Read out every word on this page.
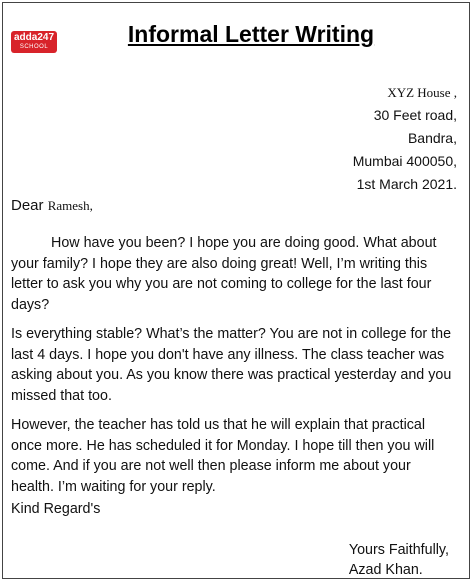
adda247
SCHOOL	Informal Letter Writing
XYZ House ,
30 Feet road,
Bandra,
Mumbai 400050,
1st March 2021.
Dear Ramesh,

How have you been? I hope you are doing good. What about your family? I hope they are also doing great! Well, I’m writing this letter to ask you why you are not coming to college for the last four days?

Is everything stable? What’s the matter? You are not in college for the last 4 days. I hope you don't have any illness. The class teacher was asking about you. As you know there was practical yesterday and you missed that too.

However, the teacher has told us that he will explain that practical once more. He has scheduled it for Monday. I hope till then you will come. And if you are not well then please inform me about your health. I’m waiting for your reply.

Kind Regard's
Yours Faithfully,
Azad Khan.
